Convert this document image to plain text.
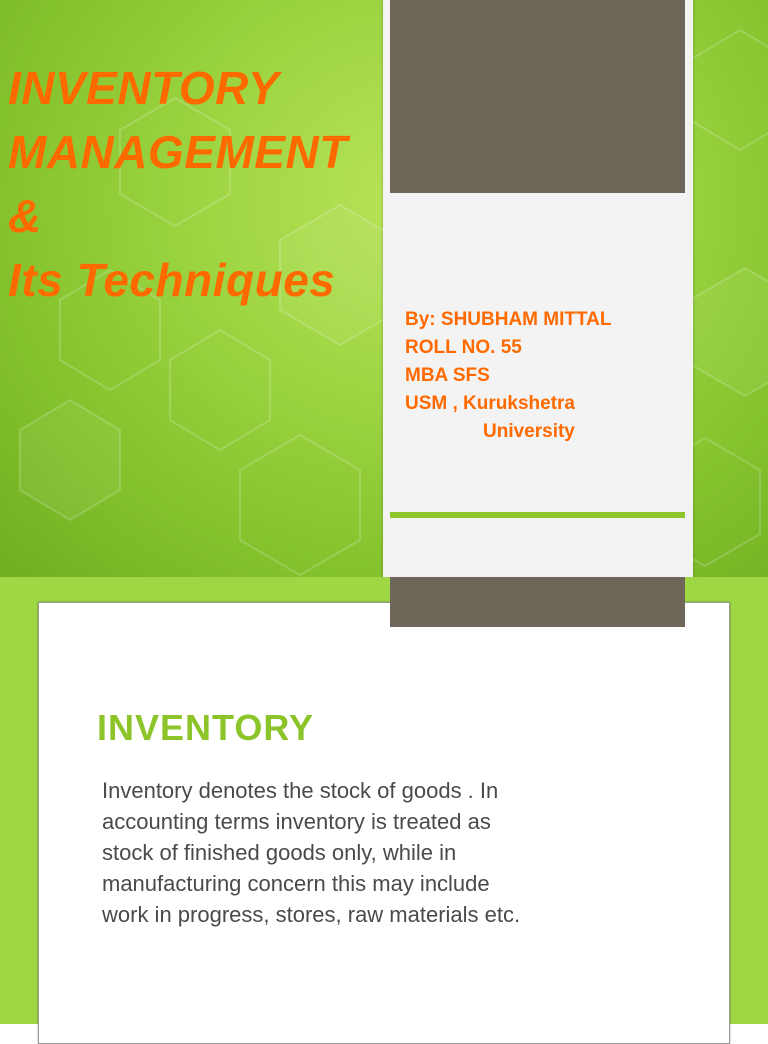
INVENTORY
MANAGEMENT
&
Its Techniques

By: SHUBHAM MITTAL
ROLL NO. 55
MBA SFS
USM , Kurukshetra
University

INVENTORY

Inventory denotes the stock of goods . In
accounting terms inventory is treated as
stock of finished goods only, while in
manufacturing concern this may include
work in progress, stores, raw materials etc.
